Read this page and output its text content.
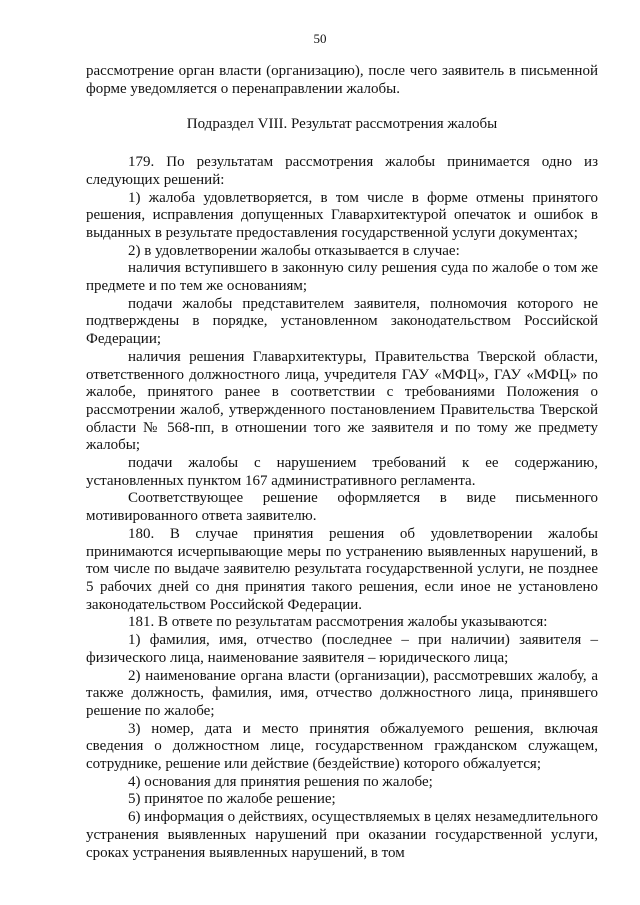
50

рассмотрение орган власти (организацию), после чего заявитель в письменной форме уведомляется о перенаправлении жалобы.

Подраздел VIII. Результат рассмотрения жалобы

179. По результатам рассмотрения жалобы принимается одно из следующих решений:

1) жалоба удовлетворяется, в том числе в форме отмены принятого решения, исправления допущенных Главархитектурой опечаток и ошибок в выданных в результате предоставления государственной услуги документах;

2) в удовлетворении жалобы отказывается в случае:

наличия вступившего в законную силу решения суда по жалобе о том же предмете и по тем же основаниям;

подачи жалобы представителем заявителя, полномочия которого не подтверждены в порядке, установленном законодательством Российской Федерации;

наличия решения Главархитектуры, Правительства Тверской области, ответственного должностного лица, учредителя ГАУ «МФЦ», ГАУ «МФЦ» по жалобе, принятого ранее в соответствии с требованиями Положения о рассмотрении жалоб, утвержденного постановлением Правительства Тверской области № 568-пп, в отношении того же заявителя и по тому же предмету жалобы;

подачи жалобы с нарушением требований к ее содержанию, установленных пунктом 167 административного регламента.

Соответствующее решение оформляется в виде письменного мотивированного ответа заявителю.

180. В случае принятия решения об удовлетворении жалобы принимаются исчерпывающие меры по устранению выявленных нарушений, в том числе по выдаче заявителю результата государственной услуги, не позднее 5 рабочих дней со дня принятия такого решения, если иное не установлено законодательством Российской Федерации.

181. В ответе по результатам рассмотрения жалобы указываются:

1) фамилия, имя, отчество (последнее – при наличии) заявителя – физического лица, наименование заявителя – юридического лица;

2) наименование органа власти (организации), рассмотревших жалобу, а также должность, фамилия, имя, отчество должностного лица, принявшего решение по жалобе;

3) номер, дата и место принятия обжалуемого решения, включая сведения о должностном лице, государственном гражданском служащем, сотруднике, решение или действие (бездействие) которого обжалуется;

4) основания для принятия решения по жалобе;

5) принятое по жалобе решение;

6) информация о действиях, осуществляемых в целях незамедлительного устранения выявленных нарушений при оказании государственной услуги, сроках устранения выявленных нарушений, в том
